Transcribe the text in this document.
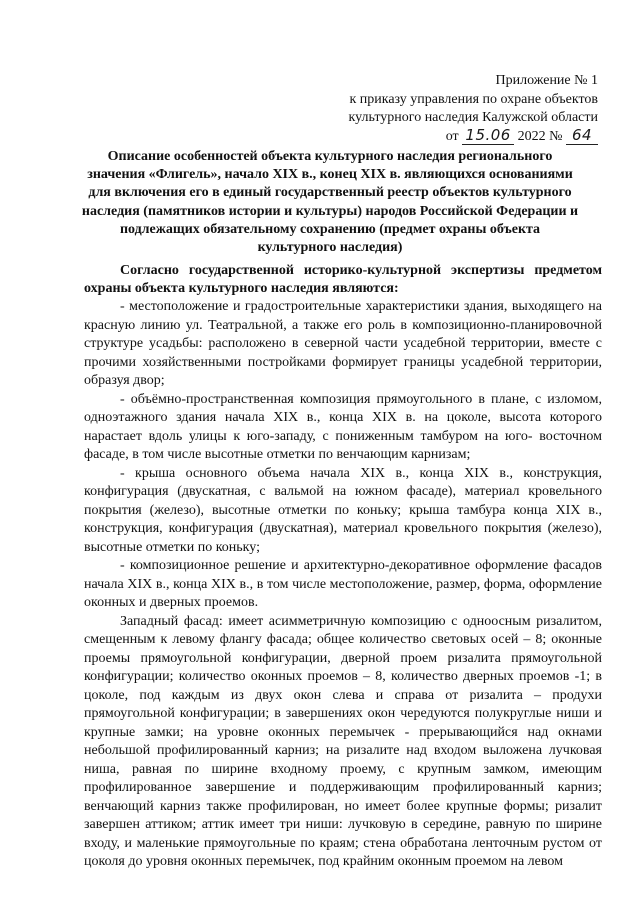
Приложение № 1
к приказу управления по охране объектов
культурного наследия Калужской области
от 15.06 2022 № 64
Описание особенностей объекта культурного наследия регионального
значения «Флигель», начало XIX в., конец XIX в. являющихся основаниями
для включения его в единый государственный реестр объектов культурного
наследия (памятников истории и культуры) народов Российской Федерации и
подлежащих обязательному сохранению (предмет охраны объекта
культурного наследия)
Согласно государственной историко-культурной экспертизы предметом охраны объекта культурного наследия являются:

- местоположение и градостроительные характеристики здания, выходящего на красную линию ул. Театральной, а также его роль в композиционно-планировочной структуре усадьбы: расположено в северной части усадебной территории, вместе с прочими хозяйственными постройками формирует границы усадебной территории, образуя двор;

- объёмно-пространственная композиция прямоугольного в плане, с изломом, одноэтажного здания начала XIX в., конца XIX в. на цоколе, высота которого нарастает вдоль улицы к юго-западу, с пониженным тамбуром на юго- восточном фасаде, в том числе высотные отметки по венчающим карнизам;

- крыша основного объема начала XIX в., конца XIX в., конструкция, конфигурация (двускатная, с вальмой на южном фасаде), материал кровельного покрытия (железо), высотные отметки по коньку; крыша тамбура конца XIX в., конструкция, конфигурация (двускатная), материал кровельного покрытия (железо), высотные отметки по коньку;

- композиционное решение и архитектурно-декоративное оформление фасадов начала XIX в., конца XIX в., в том числе местоположение, размер, форма, оформление оконных и дверных проемов.

Западный фасад: имеет асимметричную композицию с одноосным ризалитом, смещенным к левому флангу фасада; общее количество световых осей – 8; оконные проемы прямоугольной конфигурации, дверной проем ризалита прямоугольной конфигурации; количество оконных проемов – 8, количество дверных проемов -1; в цоколе, под каждым из двух окон слева и справа от ризалита – продухи прямоугольной конфигурации; в завершениях окон чередуются полукруглые ниши и крупные замки; на уровне оконных перемычек - прерывающийся над окнами небольшой профилированный карниз; на ризалите над входом выложена лучковая ниша, равная по ширине входному проему, с крупным замком, имеющим профилированное завершение и поддерживающим профилированный карниз; венчающий карниз также профилирован, но имеет более крупные формы; ризалит завершен аттиком; аттик имеет три ниши: лучковую в середине, равную по ширине входу, и маленькие прямоугольные по краям; стена обработана ленточным рустом от цоколя до уровня оконных перемычек, под крайним оконным проемом на левом
